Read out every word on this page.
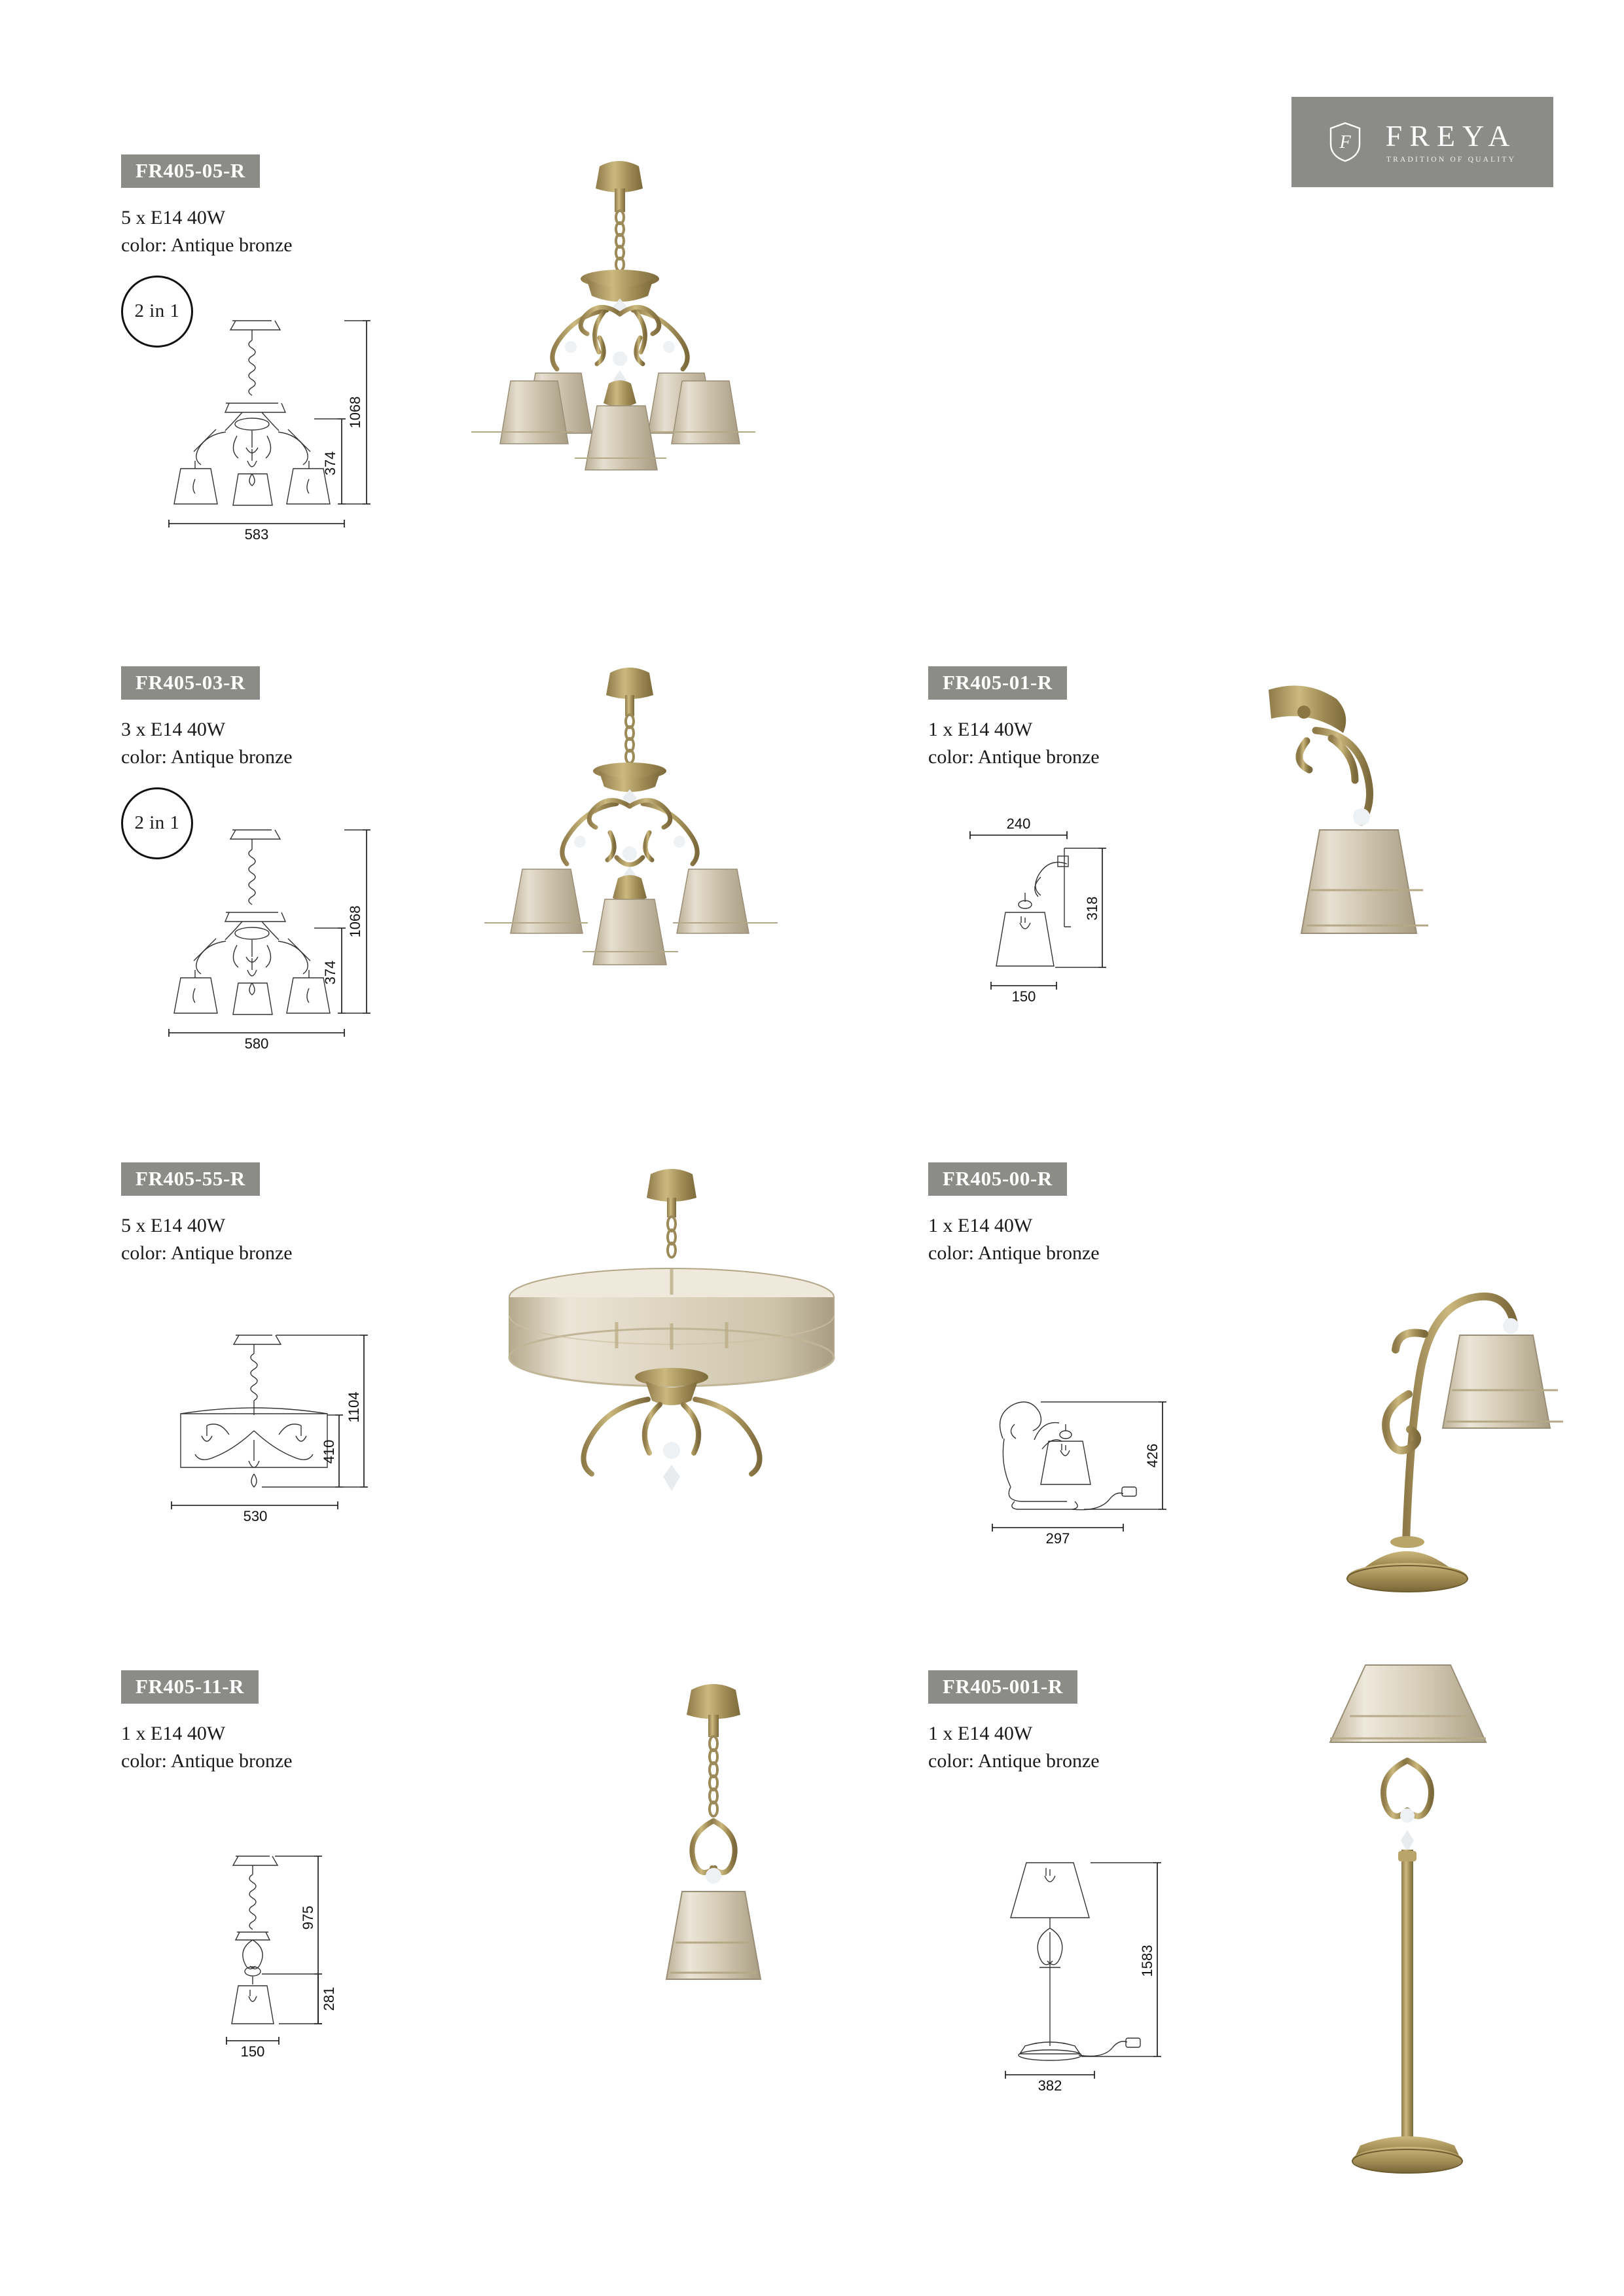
F FREYA
TRADITION OF QUALITY
FR405-05-R
5 x E14 40W
color: Antique bronze
2 in 1
583
1068
374
FR405-03-R
3 x E14 40W
color: Antique bronze
2 in 1
580
1068
374
FR405-01-R
1 x E14 40W
color: Antique bronze
240
150
318
FR405-55-R
5 x E14 40W
color: Antique bronze
530
1104
410
FR405-00-R
1 x E14 40W
color: Antique bronze
297
426
FR405-11-R
1 x E14 40W
color: Antique bronze
150
975
281
FR405-001-R
1 x E14 40W
color: Antique bronze
382
1583
